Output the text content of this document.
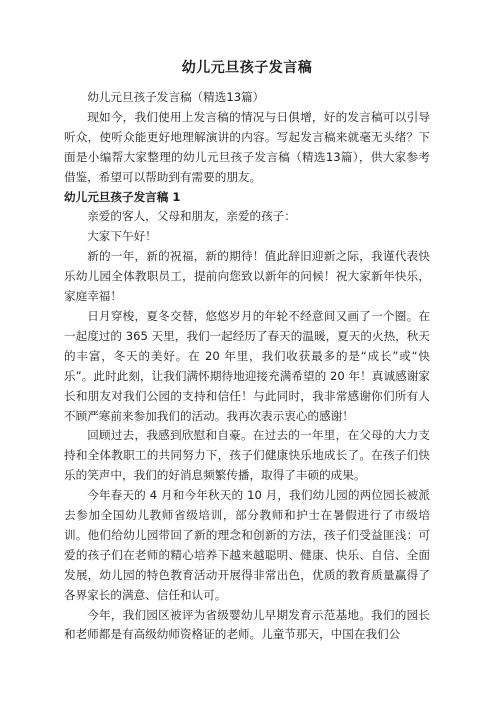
幼儿元旦孩子发言稿

幼儿元旦孩子发言稿（精选13篇）

现如今，我们使用上发言稿的情况与日俱增，好的发言稿可以引导听众，使听众能更好地理解演讲的内容。写起发言稿来就毫无头绪？下面是小编帮大家整理的幼儿元旦孩子发言稿（精选13篇），供大家参考借鉴，希望可以帮助到有需要的朋友。

幼儿元旦孩子发言稿 1

亲爱的客人，父母和朋友，亲爱的孩子：

大家下午好！

新的一年，新的祝福，新的期待！值此辞旧迎新之际，我谨代表快乐幼儿园全体教职员工，提前向您致以新年的问候！祝大家新年快乐，家庭幸福！

日月穿梭，夏冬交替，悠悠岁月的年轮不经意间又画了一个圈。在一起度过的 365 天里，我们一起经历了春天的温暖，夏天的火热，秋天的丰富，冬天的美好。在 20 年里，我们收获最多的是“成长”或“快乐”。此时此刻，让我们满怀期待地迎接充满希望的 20 年！真诚感谢家长和朋友对我们公园的支持和信任！与此同时，我非常感谢你们所有人不顾严寒前来参加我们的活动。我再次表示衷心的感谢！

回顾过去，我感到欣慰和自豪。在过去的一年里，在父母的大力支持和全体教职工的共同努力下，孩子们健康快乐地成长了。在孩子们快乐的笑声中，我们的好消息频繁传播，取得了丰硕的成果。

今年春天的 4 月和今年秋天的 10 月，我们幼儿园的两位园长被派去参加全国幼儿教师省级培训，部分教师和护士在暑假进行了市级培训。他们给幼儿园带回了新的理念和创新的方法，孩子们受益匪浅：可爱的孩子们在老师的精心培养下越来越聪明、健康、快乐、自信、全面发展，幼儿园的特色教育活动开展得非常出色，优质的教育质量赢得了各界家长的满意、信任和认可。

今年，我们园区被评为省级婴幼儿早期发育示范基地。我们的园长和老师都是有高级幼师资格证的老师。儿童节那天，中国在我们公
